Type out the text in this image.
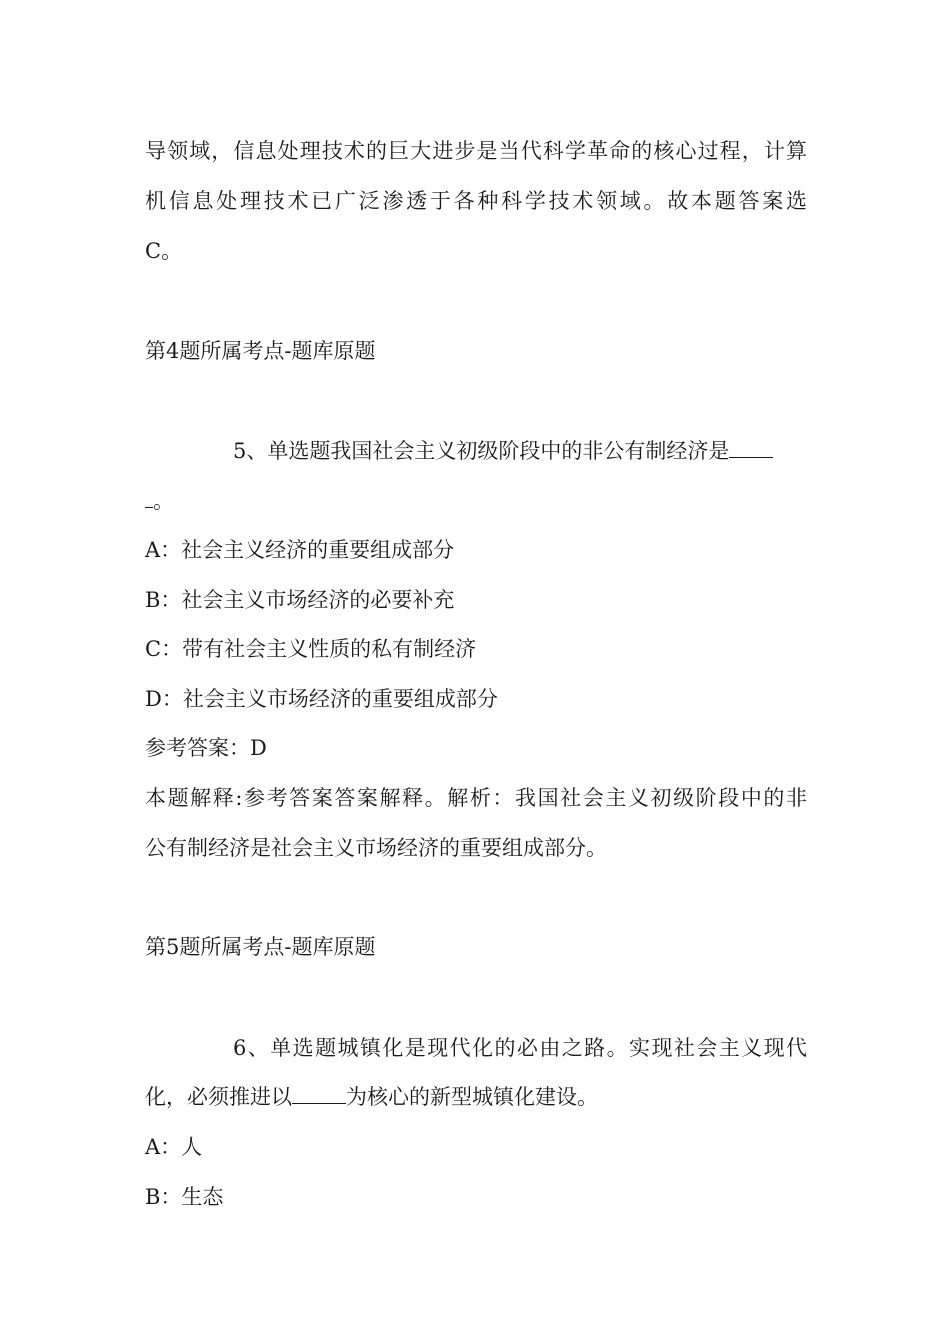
导领域，信息处理技术的巨大进步是当代科学革命的核心过程，计算
机信息处理技术已广泛渗透于各种科学技术领域。故本题答案选
C。
第4题所属考点-题库原题
5、单选题我国社会主义初级阶段中的非公有制经济是
。
A：社会主义经济的重要组成部分
B：社会主义市场经济的必要补充
C：带有社会主义性质的私有制经济
D：社会主义市场经济的重要组成部分
参考答案：D
本题解释:参考答案答案解释。解析：我国社会主义初级阶段中的非
公有制经济是社会主义市场经济的重要组成部分。
第5题所属考点-题库原题
6、单选题城镇化是现代化的必由之路。实现社会主义现代
化，必须推进以	为核心的新型城镇化建设。
A：人
B：生态
